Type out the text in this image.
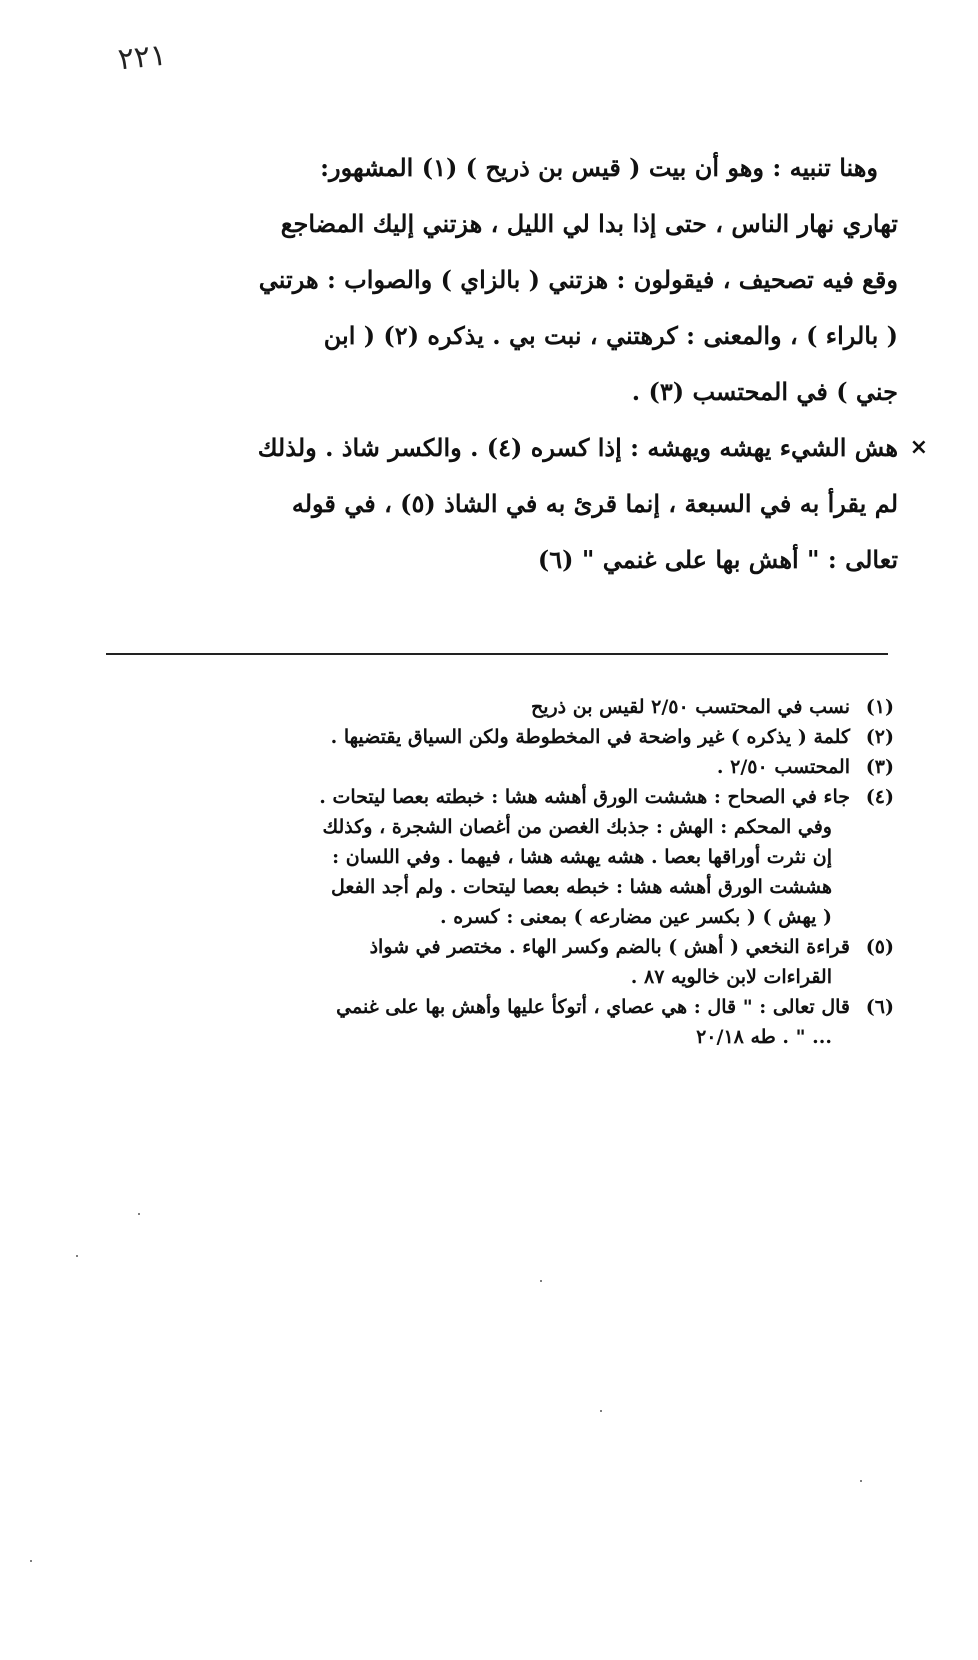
٢٢١

وهنا تنبيه : وهو أن بيت ( قيس بن ذريح ) (١) المشهور:

تهاري نهار الناس ، حتى إذا بدا لي الليل ، هزتني إليك المضاجع

وقع فيه تصحيف ، فيقولون : هزتني ( بالزاي ) والصواب : هرتني

( بالراء ) ، والمعنى : كرهتني ، نبت بي . يذكره (٢) ( ابن

جني ) في المحتسب (٣) .

×

هش الشيء يهشه ويهشه : إذا كسره (٤) . والكسر شاذ . ولذلك

لم يقرأ به في السبعة ، إنما قرئ به في الشاذ (٥) ، في قوله

تعالى : " أهش بها على غنمي " (٦)

(١)
نسب في المحتسب ٢/٥٠ لقيس بن ذريح
(٢)
كلمة ( يذكره ) غير واضحة في المخطوطة ولكن السياق يقتضيها .
(٣)
المحتسب ٢/٥٠ .
(٤)
جاء في الصحاح : هششت الورق أهشه هشا : خبطته بعصا ليتحات .
وفي المحكم : الهش : جذبك الغصن من أغصان الشجرة ، وكذلك
إن نثرت أوراقها بعصا . هشه يهشه هشا ، فيهما . وفي اللسان :
هششت الورق أهشه هشا : خبطه بعصا ليتحات . ولم أجد الفعل
( يهش ) ( بكسر عين مضارعه ) بمعنى : كسره .
(٥)
قراءة النخعي ( أهش ) بالضم وكسر الهاء . مختصر في شواذ
القراءات لابن خالويه ٨٧ .
(٦)
قال تعالى : " قال : هي عصاي ، أتوكأ عليها وأهش بها على غنمي
... " . طه ٢٠/١٨
